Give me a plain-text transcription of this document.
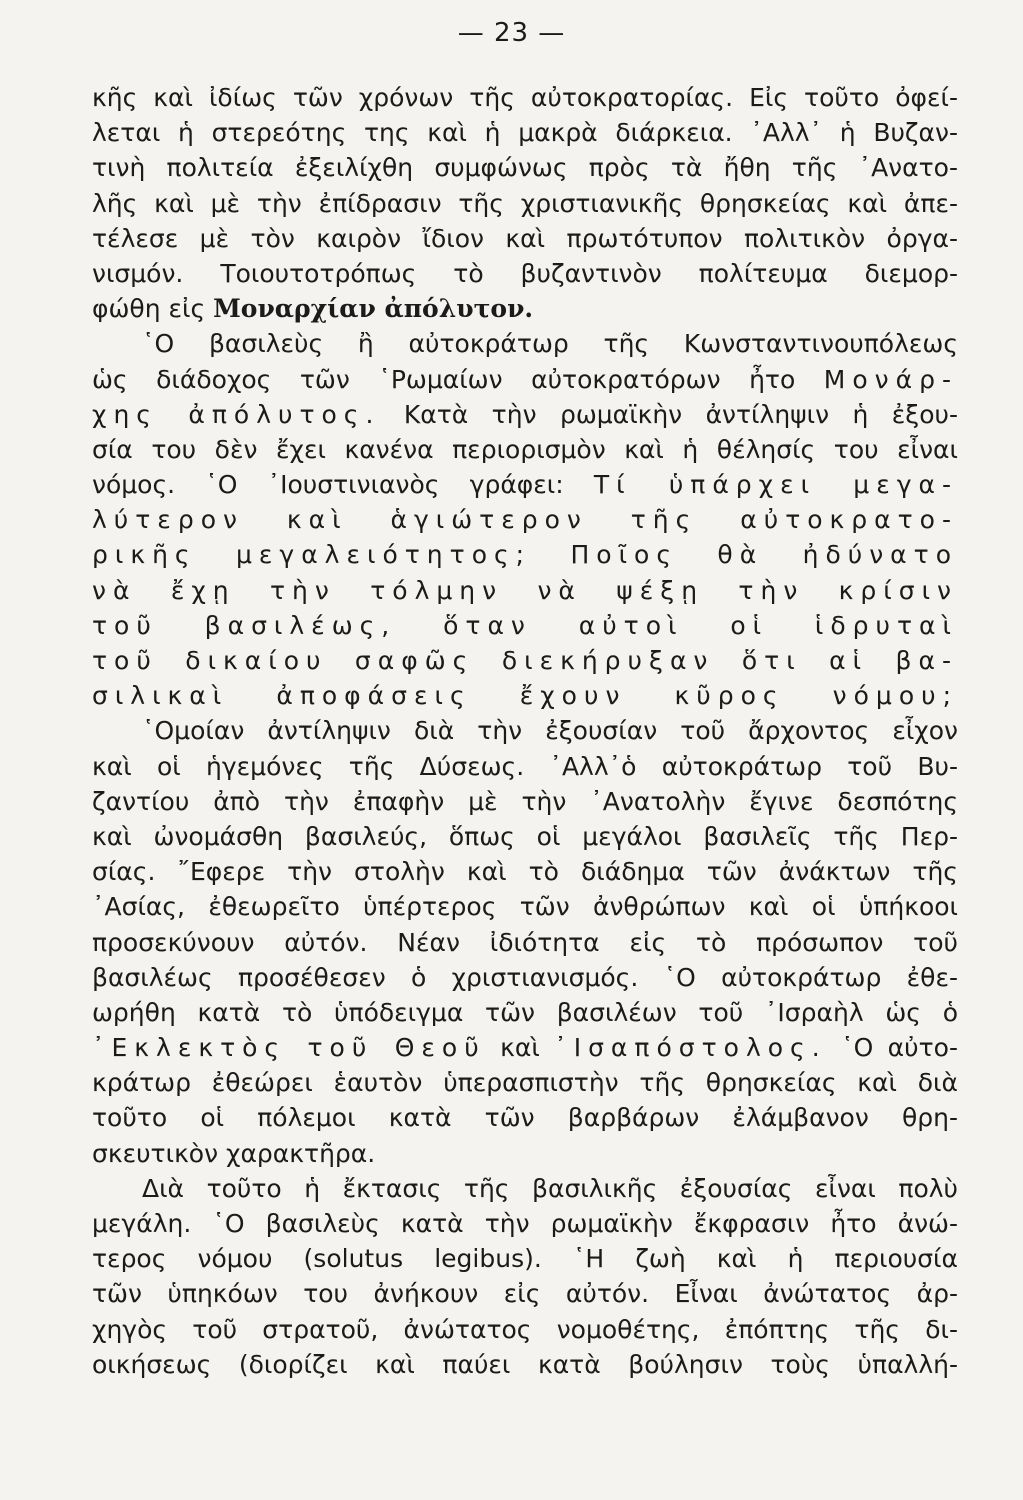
— 23 —
κῆς καὶ ἰδίως τῶν χρόνων τῆς αὐτοκρατορίας. Εἰς τοῦτο ὀφεί-
λεται ἡ στερεότης της καὶ ἡ μακρὰ διάρκεια. ᾿Αλλ᾿ ἡ Βυζαν-
τινὴ πολιτεία ἐξειλίχθη συμφώνως πρὸς τὰ ἤθη τῆς ᾿Ανατο-
λῆς καὶ μὲ τὴν ἐπίδρασιν τῆς χριστιανικῆς θρησκείας καὶ ἀπε-
τέλεσε μὲ τὸν καιρὸν ἴδιον καὶ πρωτότυπον πολιτικὸν ὀργα-
νισμόν. Τοιουτοτρόπως τὸ βυζαντινὸν πολίτευμα διεμορ-
φώθη εἰς Μοναρχίαν ἀπόλυτον.
῾Ο βασιλεὺς ἢ αὐτοκράτωρ τῆς Κωνσταντινουπόλεως
ὡς διάδοχος τῶν ῾Ρωμαίων αὐτοκρατόρων ἦτο Μονάρ-
χης ἀπόλυτος. Κατὰ τὴν ρωμαϊκὴν ἀντίληψιν ἡ ἐξου-
σία του δὲν ἔχει κανένα περιορισμὸν καὶ ἡ θέλησίς του εἶναι
νόμος. ῾Ο ᾿Ιουστινιανὸς γράφει: Τί ὑπάρχει μεγα-
λύτερον καὶ ἁγιώτερον τῆς αὐτοκρατο-
ρικῆς μεγαλειότητος; Ποῖος θὰ ἠδύνατο
νὰ ἔχῃ τὴν τόλμην νὰ ψέξῃ τὴν κρίσιν
τοῦ βασιλέως, ὅταν αὐτοὶ οἱ ἱδρυταὶ
τοῦ δικαίου σαφῶς διεκήρυξαν ὅτι αἱ βα-
σιλικαὶ ἀποφάσεις ἔχουν κῦρος νόμου;
῾Ομοίαν ἀντίληψιν διὰ τὴν ἐξουσίαν τοῦ ἄρχοντος εἶχον
καὶ οἱ ἡγεμόνες τῆς Δύσεως. ᾿Αλλ᾿ὁ αὐτοκράτωρ τοῦ Βυ-
ζαντίου ἀπὸ τὴν ἐπαφὴν μὲ τὴν ᾿Ανατολὴν ἔγινε δεσπότης
καὶ ὠνομάσθη βασιλεύς, ὅπως οἱ μεγάλοι βασιλεῖς τῆς Περ-
σίας. ῎Εφερε τὴν στολὴν καὶ τὸ διάδημα τῶν ἀνάκτων τῆς
᾿Ασίας, ἐθεωρεῖτο ὑπέρτερος τῶν ἀνθρώπων καὶ οἱ ὑπήκοοι
προσεκύνουν αὐτόν. Νέαν ἰδιότητα εἰς τὸ πρόσωπον τοῦ
βασιλέως προσέθεσεν ὁ χριστιανισμός. ῾Ο αὐτοκράτωρ ἐθε-
ωρήθη κατὰ τὸ ὑπόδειγμα τῶν βασιλέων τοῦ ᾿Ισραὴλ ὡς ὁ
᾿Εκλεκτὸς τοῦ Θεοῦ καὶ ᾿Ισαπόστολος. ῾Ο αὐτο-
κράτωρ ἐθεώρει ἑαυτὸν ὑπερασπιστὴν τῆς θρησκείας καὶ διὰ
τοῦτο οἱ πόλεμοι κατὰ τῶν βαρβάρων ἐλάμβανον θρη-
σκευτικὸν χαρακτῆρα.
Διὰ τοῦτο ἡ ἔκτασις τῆς βασιλικῆς ἐξουσίας εἶναι πολὺ
μεγάλη. ῾Ο βασιλεὺς κατὰ τὴν ρωμαϊκὴν ἔκφρασιν ἦτο ἀνώ-
τερος νόμου (solutus legibus). ῾Η ζωὴ καὶ ἡ περιουσία
τῶν ὑπηκόων του ἀνήκουν εἰς αὐτόν. Εἶναι ἀνώτατος ἀρ-
χηγὸς τοῦ στρατοῦ, ἀνώτατος νομοθέτης, ἐπόπτης τῆς δι-
οικήσεως (διορίζει καὶ παύει κατὰ βούλησιν τοὺς ὑπαλλή-
